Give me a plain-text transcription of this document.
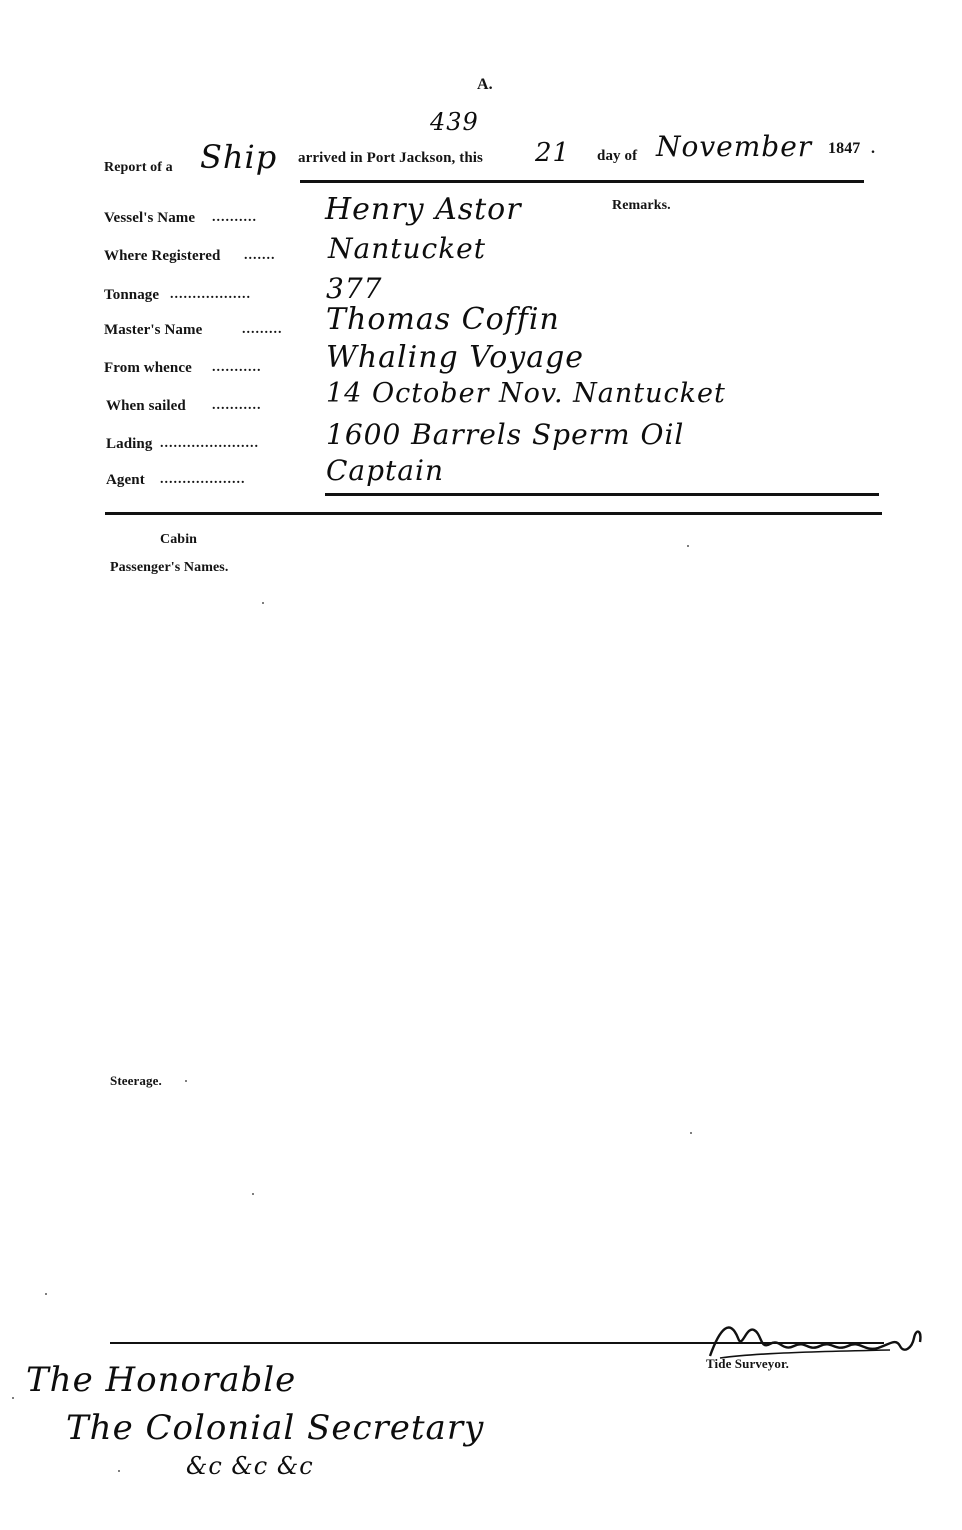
A.
439
Report of a Ship arrived in Port Jackson, this 21 day of November 1847 .
Remarks.
Vessel's Name .......... Henry Astor
Where Registered ....... Nantucket
Tonnage ..................	377
Master's Name	......... Thomas Coffin
From whence ........... Whaling Voyage
When sailed ........... 14 October Nov. Nantucket
Lading ...................... 1600 Barrels Sperm Oil
Agent ...................	Captain
Cabin
Passenger's Names.
Steerage.
Tide Surveyor.
The Honorable
The Colonial Secretary
&c &c &c
